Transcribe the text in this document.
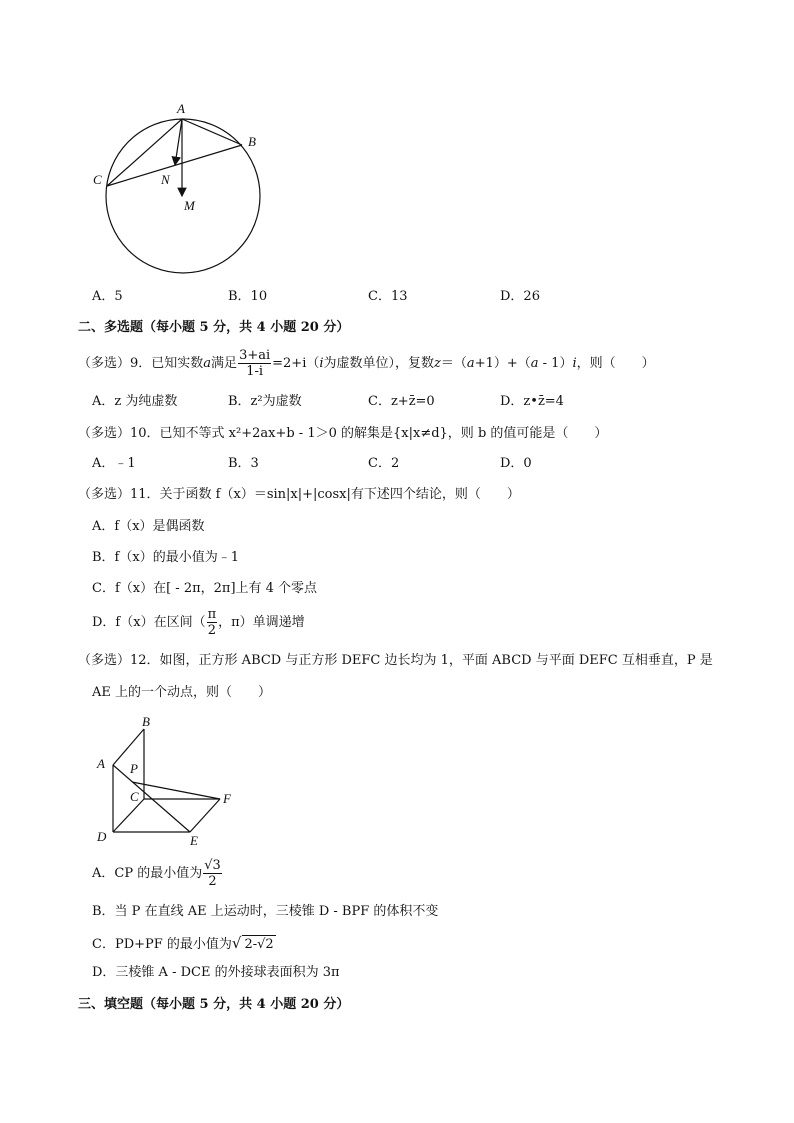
A
B
C	N
M
A．5	B．10	C．13	D．26
二、多选题（每小题 5 分，共 4 小题 20 分）
（多选）9．已知实数a满足 $\frac{3+ai}{1-i} =2+i(i$为虚数单位），复数z＝（a+1）+（a - 1）i，则（　　）
A．z 为纯虚数	B．z²为虚数	C．z+z̄=0	D．z•z̄=4
（多选）10．已知不等式 x²+2ax+b - 1＞0 的解集是{x|x≠d}，则 b 的值可能是（　　）
A．﹣1	B．3	C．2	D．0
（多选）11．关于函数 f（x）＝sin|x|+|cosx|有下述四个结论，则（　　）
A．f（x）是偶函数
B．f（x）的最小值为﹣1
C．f（x）在[ - 2π，2π]上有 4 个零点
D．f（x）在区间（ $\frac{\pi}{2}$ ，π）单调递增
（多选）12．如图，正方形 ABCD 与正方形 DEFC 边长均为 1，平面 ABCD 与平面 DEFC 互相垂直，P 是
AE 上的一个动点，则（　　）
A
B
P
C	F
D	E
A．CP 的最小值为 $\frac{√3}{2}$
B．当 P 在直线 AE 上运动时，三棱锥 D - BPF 的体积不变
C．PD+PF 的最小值为√ 2-√2
D．三棱锥 A - DCE 的外接球表面积为 3π
三、填空题（每小题 5 分，共 4 小题 20 分）
